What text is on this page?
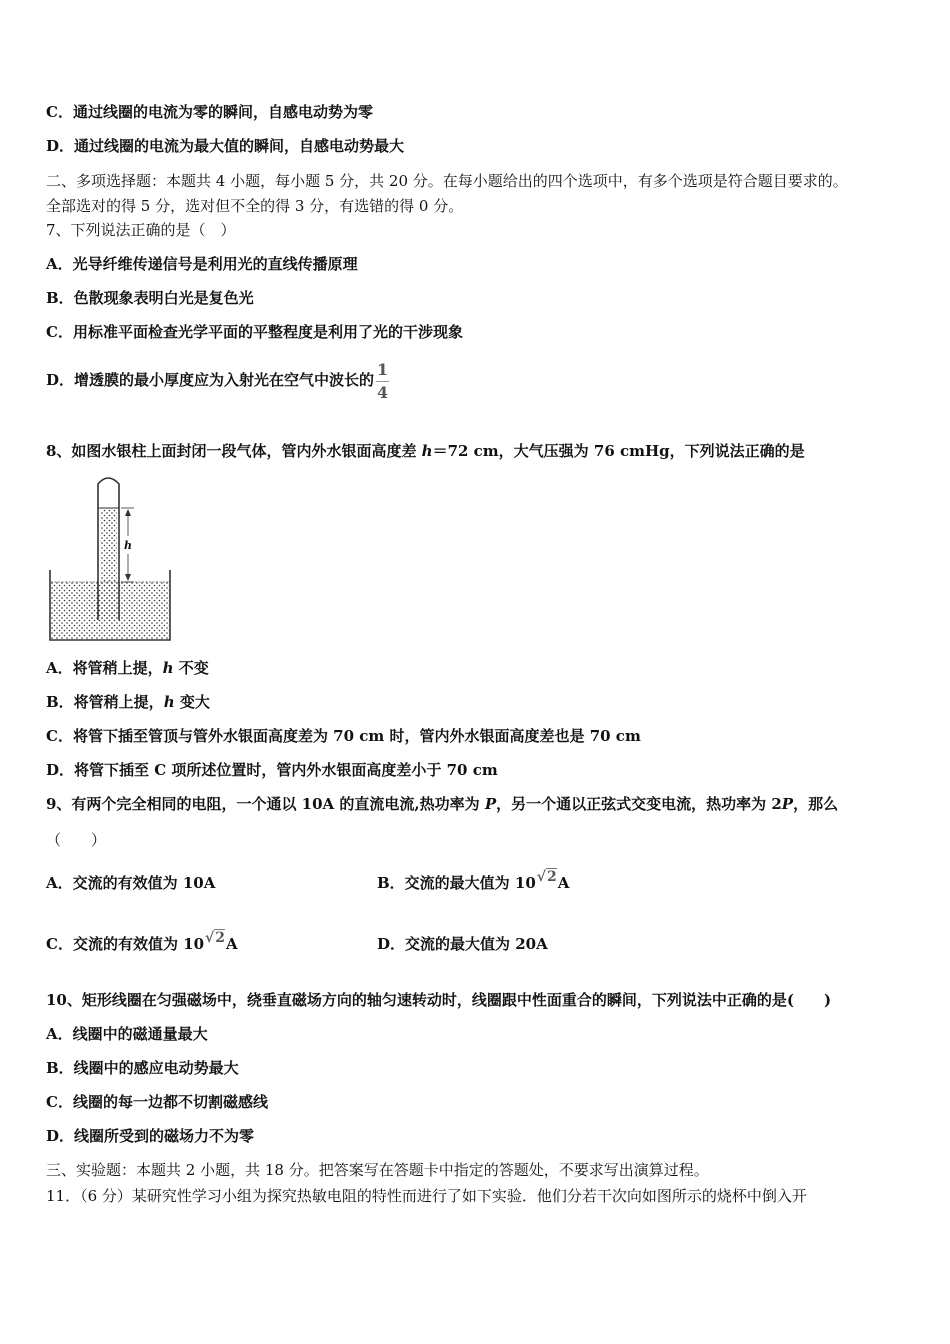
C．通过线圈的电流为零的瞬间，自感电动势为零
D．通过线圈的电流为最大值的瞬间，自感电动势最大
二、多项选择题：本题共 4 小题，每小题 5 分，共 20 分。在每小题给出的四个选项中，有多个选项是符合题目要求的。
全部选对的得 5 分，选对但不全的得 3 分，有选错的得 0 分。
7、下列说法正确的是（　）
A．光导纤维传递信号是利用光的直线传播原理
B．色散现象表明白光是复色光
C．用标准平面检查光学平面的平整程度是利用了光的干涉现象
D．增透膜的最小厚度应为入射光在空气中波长的 $\frac{1}{4}$
8、如图水银柱上面封闭一段气体，管内外水银面高度差 h＝72 cm，大气压强为 76 cmHg，下列说法正确的是
h
A．将管稍上提，h 不变
B．将管稍上提，h 变大
C．将管下插至管顶与管外水银面高度差为 70 cm 时，管内外水银面高度差也是 70 cm
D．将管下插至 C 项所述位置时，管内外水银面高度差小于 70 cm
9、有两个完全相同的电阻，一个通以 10A 的直流电流,热功率为 P，另一个通以正弦式交变电流，热功率为 2P，那么
（　　）
A．交流的有效值为 10A	B．交流的最大值为 10√2A
C．交流的有效值为 10√2A	D．交流的最大值为 20A
10、矩形线圈在匀强磁场中，绕垂直磁场方向的轴匀速转动时，线圈跟中性面重合的瞬间，下列说法中正确的是(　　)
A．线圈中的磁通量最大
B．线圈中的感应电动势最大
C．线圈的每一边都不切割磁感线
D．线圈所受到的磁场力不为零
三、实验题：本题共 2 小题，共 18 分。把答案写在答题卡中指定的答题处，不要求写出演算过程。
11．（6 分）某研究性学习小组为探究热敏电阻的特性而进行了如下实验．他们分若干次向如图所示的烧杯中倒入开
